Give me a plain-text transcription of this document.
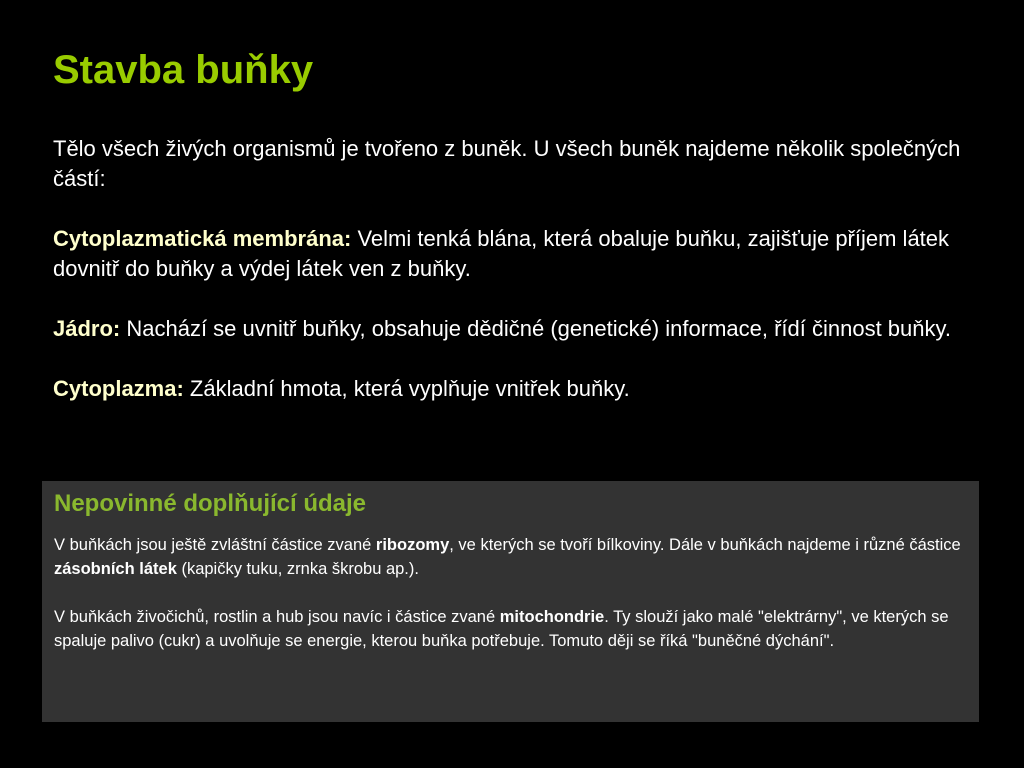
Stavba buňky

Tělo všech živých organismů je tvořeno z buněk. U všech buněk najdeme několik společných částí:

Cytoplazmatická membrána: Velmi tenká blána, která obaluje buňku, zajišťuje příjem látek dovnitř do buňky a výdej látek ven z buňky.

Jádro: Nachází se uvnitř buňky, obsahuje dědičné (genetické) informace, řídí činnost buňky.

Cytoplazma: Základní hmota, která vyplňuje vnitřek buňky.

Nepovinné doplňující údaje

V buňkách jsou ještě zvláštní částice zvané ribozomy, ve kterých se tvoří bílkoviny. Dále v buňkách najdeme i různé částice zásobních látek (kapičky tuku, zrnka škrobu ap.).

V buňkách živočichů, rostlin a hub jsou navíc i částice zvané mitochondrie. Ty slouží jako malé "elektrárny", ve kterých se spaluje palivo (cukr) a uvolňuje se energie, kterou buňka potřebuje. Tomuto ději se říká "buněčné dýchání".
